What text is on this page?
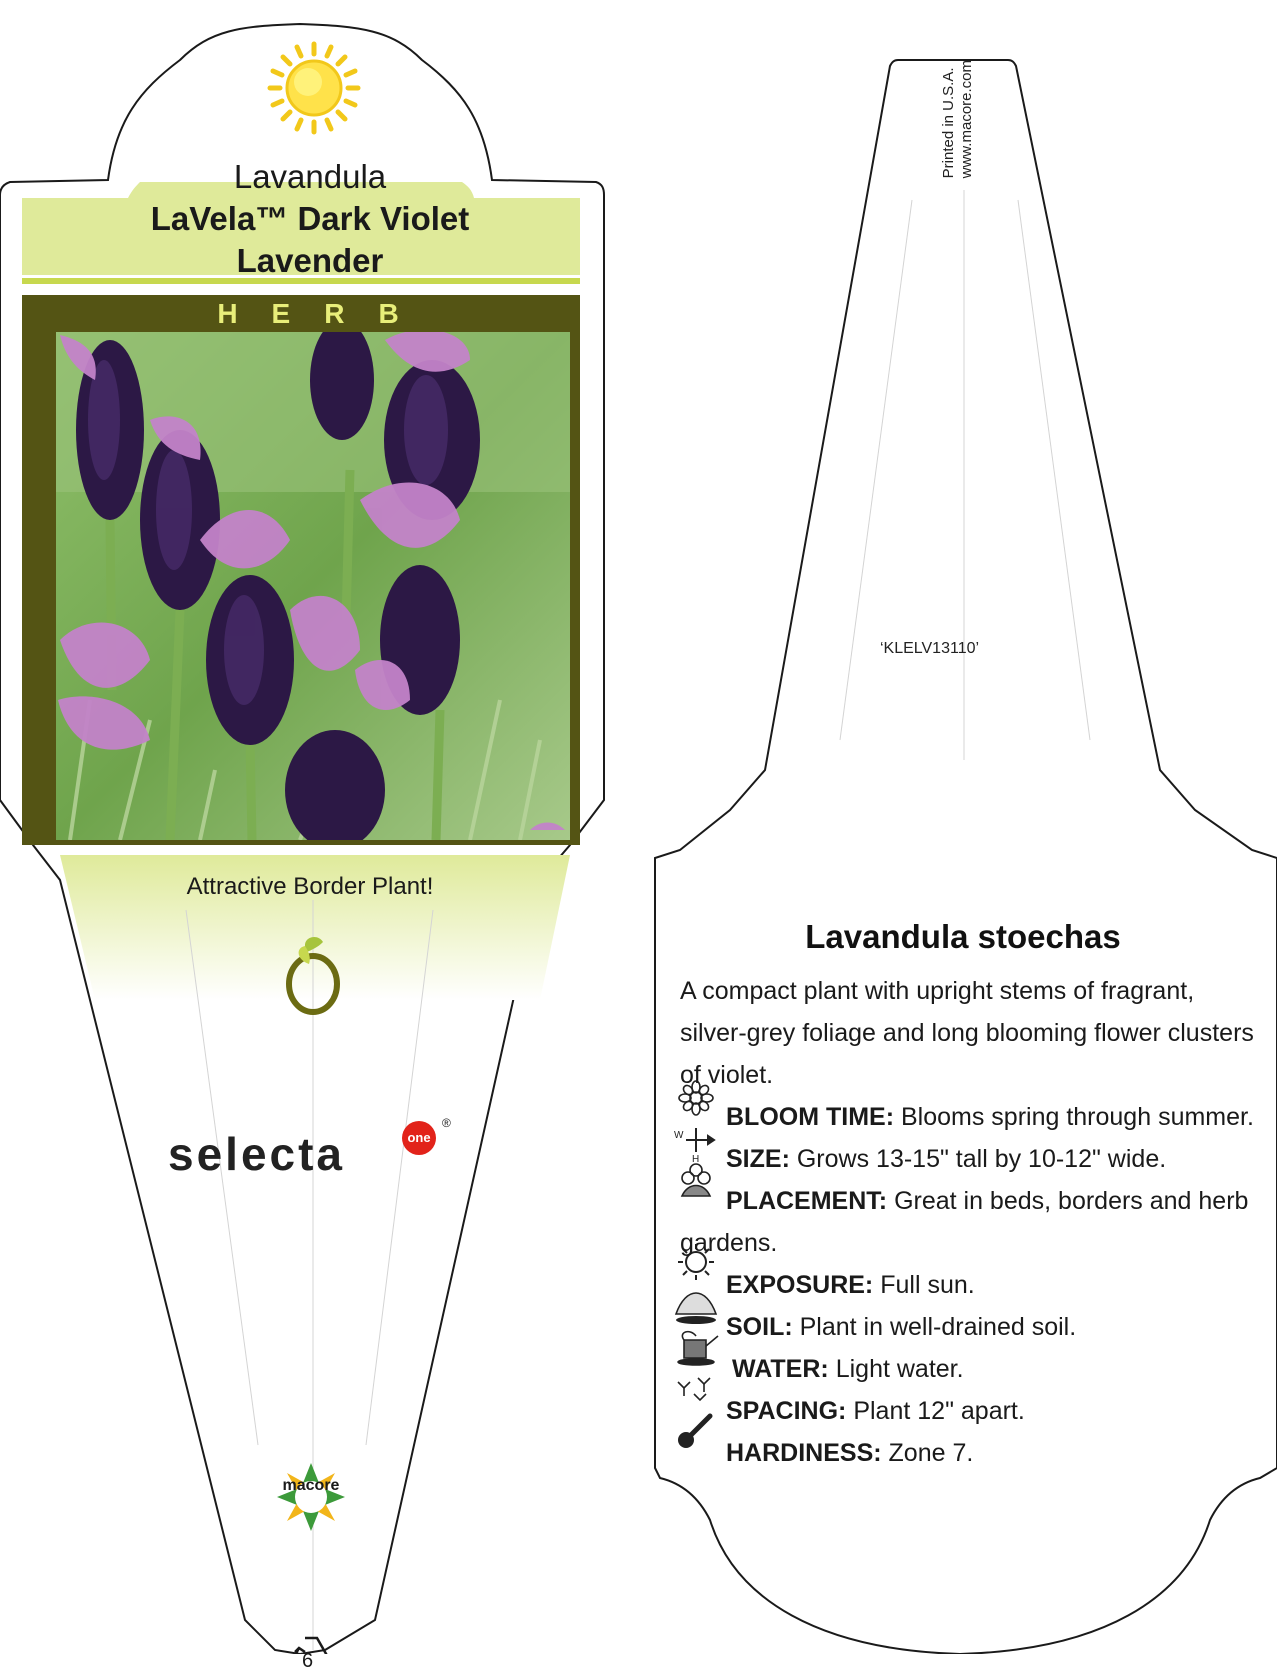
W
H
Lavandula
LaVela™ Dark Violet
Lavender
HERB
Attractive Border Plant!
selecta	one
®
6
macore
Printed in U.S.A. www.macore.com
‘KLELV13110’
Lavandula stoechas
A compact plant with upright stems of fragrant, silver-grey foliage and long blooming flower clusters of violet.
BLOOM TIME: Blooms spring through summer.
SIZE: Grows 13-15" tall by 10-12" wide.
PLACEMENT: Great in beds, borders and herb gardens.
EXPOSURE: Full sun.
SOIL: Plant in well-drained soil.
WATER: Light water.
SPACING: Plant 12" apart.
HARDINESS: Zone 7.
